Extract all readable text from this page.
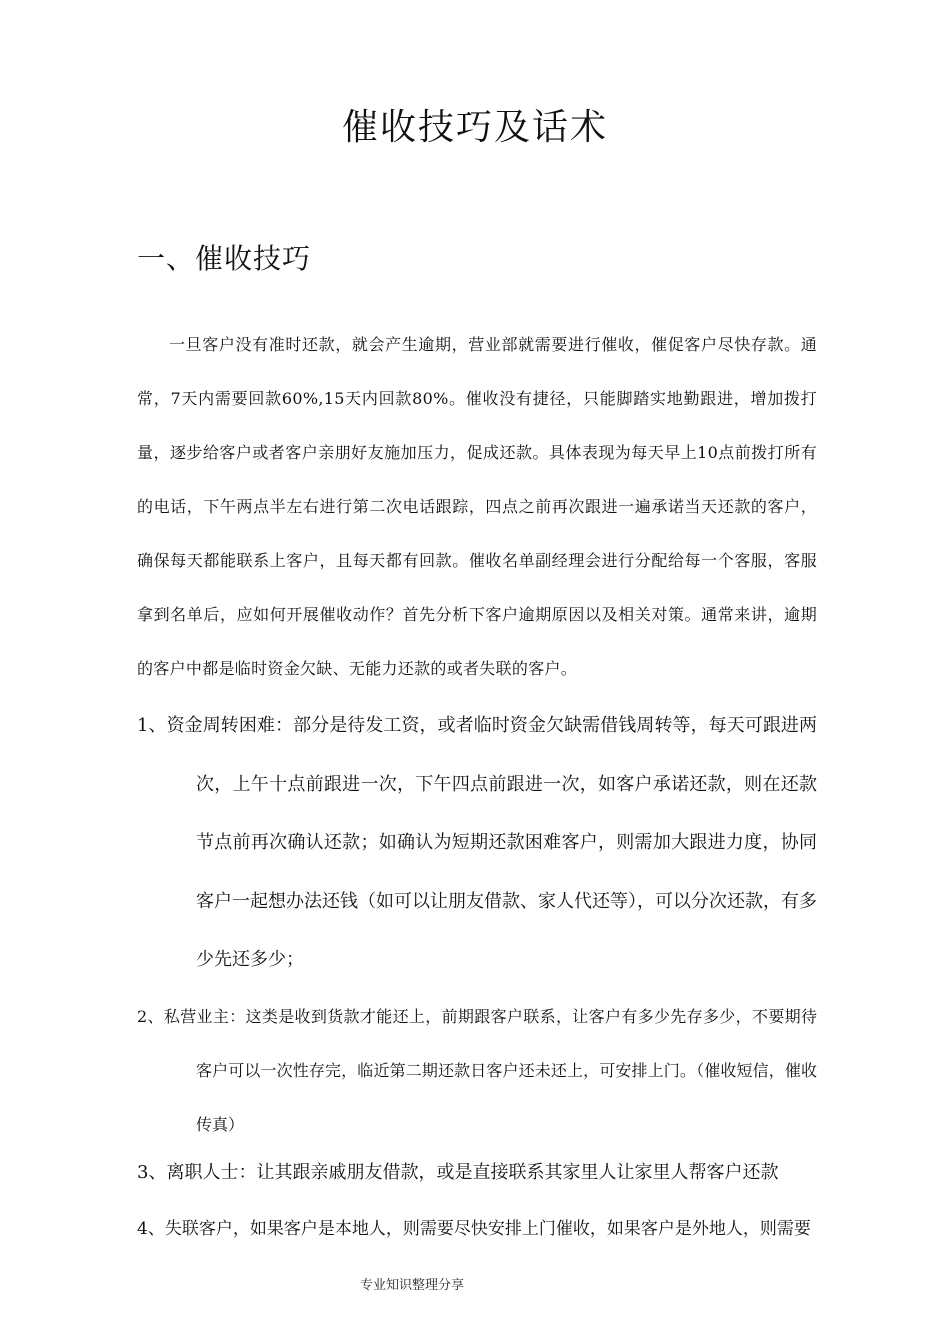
催收技巧及话术
一、催收技巧

一旦客户没有准时还款，就会产生逾期，营业部就需要进行催收，催促客户尽快存款。通常，7天内需要回款60%,15天内回款80%。催收没有捷径，只能脚踏实地勤跟进，增加拨打量，逐步给客户或者客户亲朋好友施加压力，促成还款。具体表现为每天早上10点前拨打所有的电话，下午两点半左右进行第二次电话跟踪，四点之前再次跟进一遍承诺当天还款的客户，确保每天都能联系上客户，且每天都有回款。催收名单副经理会进行分配给每一个客服，客服拿到名单后，应如何开展催收动作？首先分析下客户逾期原因以及相关对策。通常来讲，逾期的客户中都是临时资金欠缺、无能力还款的或者失联的客户。

1、资金周转困难：部分是待发工资，或者临时资金欠缺需借钱周转等，每天可跟进两次，上午十点前跟进一次，下午四点前跟进一次，如客户承诺还款，则在还款节点前再次确认还款；如确认为短期还款困难客户，则需加大跟进力度，协同客户一起想办法还钱（如可以让朋友借款、家人代还等），可以分次还款，有多少先还多少；

2、私营业主：这类是收到货款才能还上，前期跟客户联系，让客户有多少先存多少，不要期待客户可以一次性存完，临近第二期还款日客户还未还上，可安排上门。（催收短信，催收传真）

3、离职人士：让其跟亲戚朋友借款，或是直接联系其家里人让家里人帮客户还款

4、失联客户，如果客户是本地人，则需要尽快安排上门催收，如果客户是外地人，则需要

专业知识整理分享
